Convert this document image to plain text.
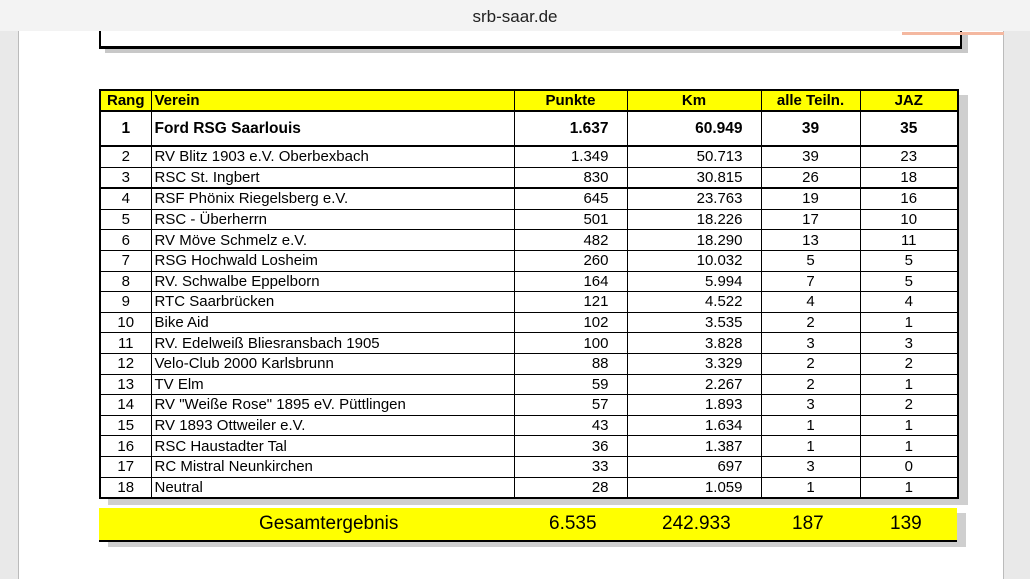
srb-saar.de
Rang	Verein	Punkte	Km	alle Teiln.	JAZ
1	Ford RSG Saarlouis	1.637	60.949	39	35
2	RV Blitz 1903 e.V. Oberbexbach	1.349	50.713	39	23
3	RSC St. Ingbert	830	30.815	26	18
4	RSF Phönix Riegelsberg e.V.	645	23.763	19	16
5	RSC - Überherrn	501	18.226	17	10
6	RV Möve Schmelz e.V.	482	18.290	13	11
7	RSG Hochwald Losheim	260	10.032	5	5
8	RV. Schwalbe Eppelborn	164	5.994	7	5
9	RTC Saarbrücken	121	4.522	4	4
10	Bike Aid	102	3.535	2	1
11	RV. Edelweiß Bliesransbach 1905	100	3.828	3	3
12	Velo-Club 2000 Karlsbrunn	88	3.329	2	2
13	TV Elm	59	2.267	2	1
14	RV "Weiße Rose" 1895 eV. Püttlingen	57	1.893	3	2
15	RV 1893 Ottweiler e.V.	43	1.634	1	1
16	RSC Haustadter Tal	36	1.387	1	1
17	RC Mistral Neunkirchen	33	697	3	0
18	Neutral	28	1.059	1	1
Gesamtergebnis	6.535	242.933	187	139
